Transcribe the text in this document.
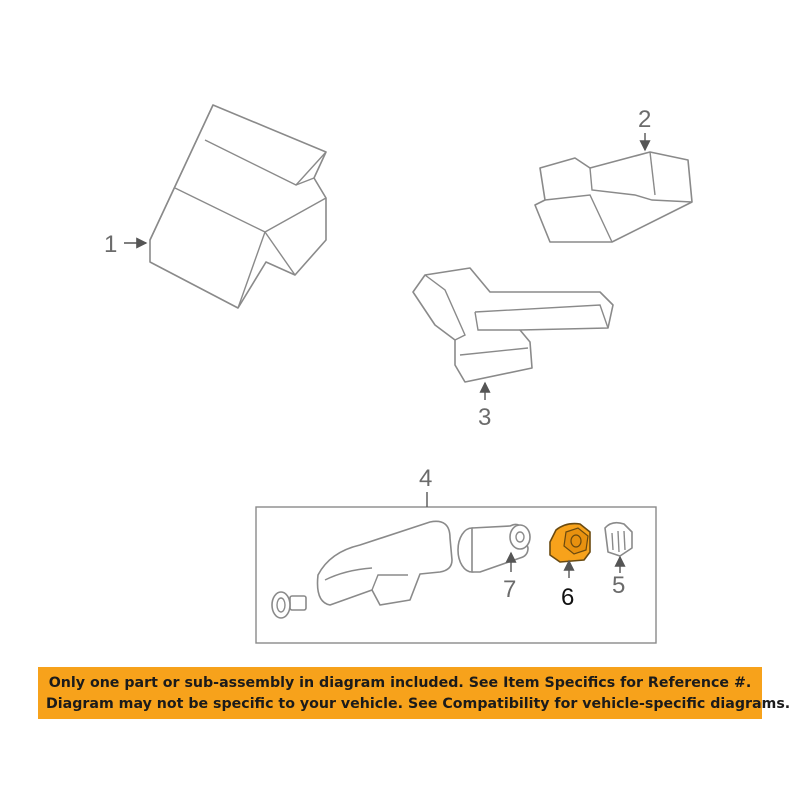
1
2
3
4
7 6 5
Only one part or sub-assembly in diagram included. See Item Specifics for Reference #.
Diagram may not be specific to your vehicle. See Compatibility for vehicle-specific diagrams.
